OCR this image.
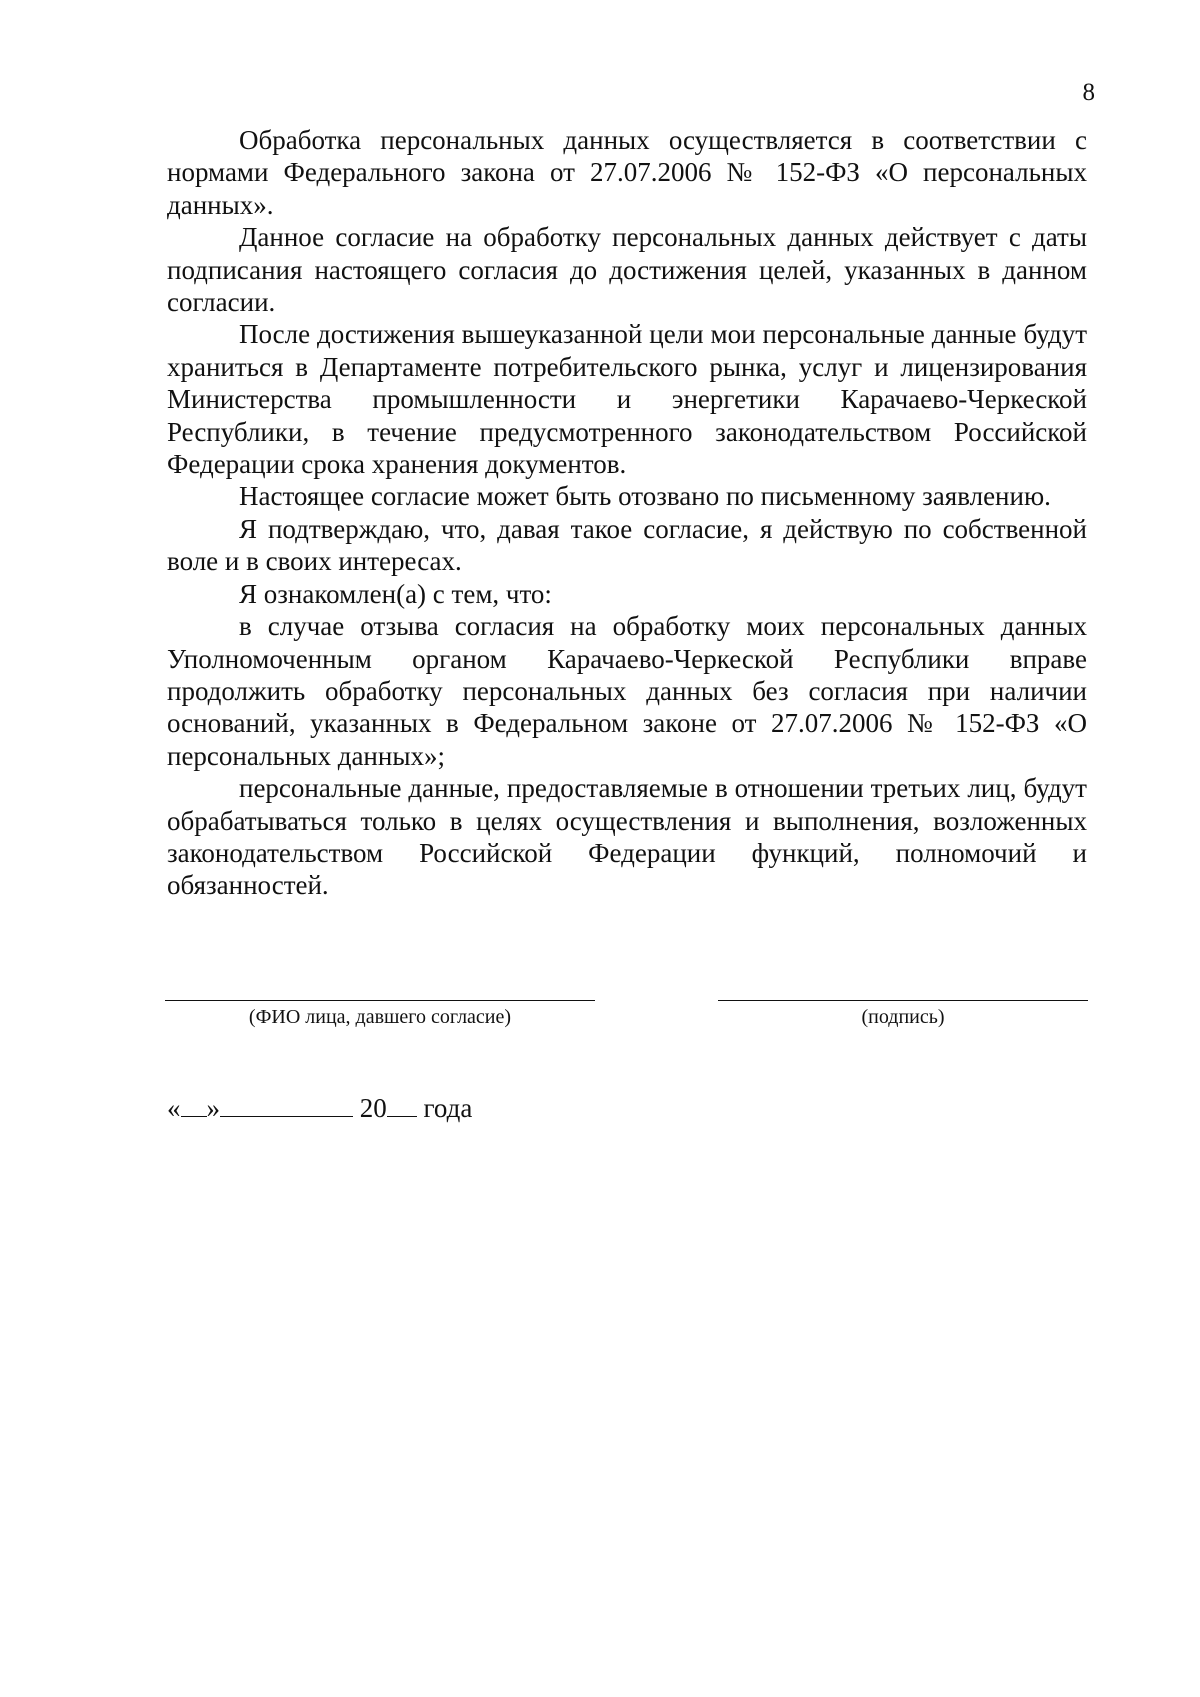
8

Обработка персональных данных осуществляется в соответствии с нормами Федерального закона от 27.07.2006 № 152-ФЗ «О персональных данных».

Данное согласие на обработку персональных данных действует с даты подписания настоящего согласия до достижения целей, указанных в данном согласии.

После достижения вышеуказанной цели мои персональные данные будут храниться в Департаменте потребительского рынка, услуг и лицензирования Министерства промышленности и энергетики Карачаево-Черкеской Республики, в течение предусмотренного законодательством Российской Федерации срока хранения документов.

Настоящее согласие может быть отозвано по письменному заявлению.

Я подтверждаю, что, давая такое согласие, я действую по собственной воле и в своих интересах.

Я ознакомлен(а) с тем, что:

в случае отзыва согласия на обработку моих персональных данных Уполномоченным органом Карачаево-Черкеской Республики вправе продолжить обработку персональных данных без согласия при наличии оснований, указанных в Федеральном законе от 27.07.2006 № 152-ФЗ «О персональных данных»;

персональные данные, предоставляемые в отношении третьих лиц, будут обрабатываться только в целях осуществления и выполнения, возложенных законодательством Российской Федерации функций, полномочий и обязанностей.

(ФИО лица, давшего согласие)	(подпись)
« »	20 года
